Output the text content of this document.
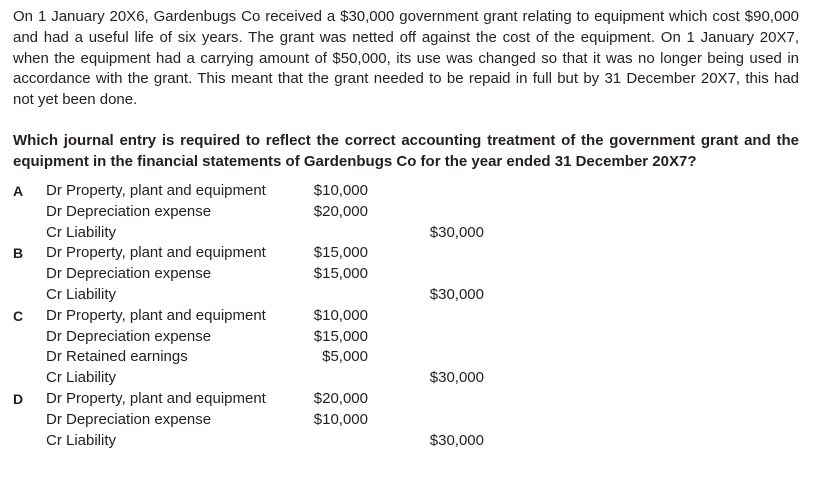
On 1 January 20X6, Gardenbugs Co received a $30,000 government grant relating to equipment which cost $90,000 and had a useful life of six years. The grant was netted off against the cost of the equipment. On 1 January 20X7, when the equipment had a carrying amount of $50,000, its use was changed so that it was no longer being used in accordance with the grant. This meant that the grant needed to be repaid in full but by 31 December 20X7, this had not yet been done.

Which journal entry is required to reflect the correct accounting treatment of the government grant and the equipment in the financial statements of Gardenbugs Co for the year ended 31 December 20X7?

A	Dr Property, plant and equipment	$10,000
Dr Depreciation expense	$20,000
Cr Liability	$30,000
B	Dr Property, plant and equipment	$15,000
Dr Depreciation expense	$15,000
Cr Liability	$30,000
C	Dr Property, plant and equipment	$10,000
Dr Depreciation expense	$15,000
Dr Retained earnings	$5,000
Cr Liability	$30,000
D	Dr Property, plant and equipment	$20,000
Dr Depreciation expense	$10,000
Cr Liability	$30,000
